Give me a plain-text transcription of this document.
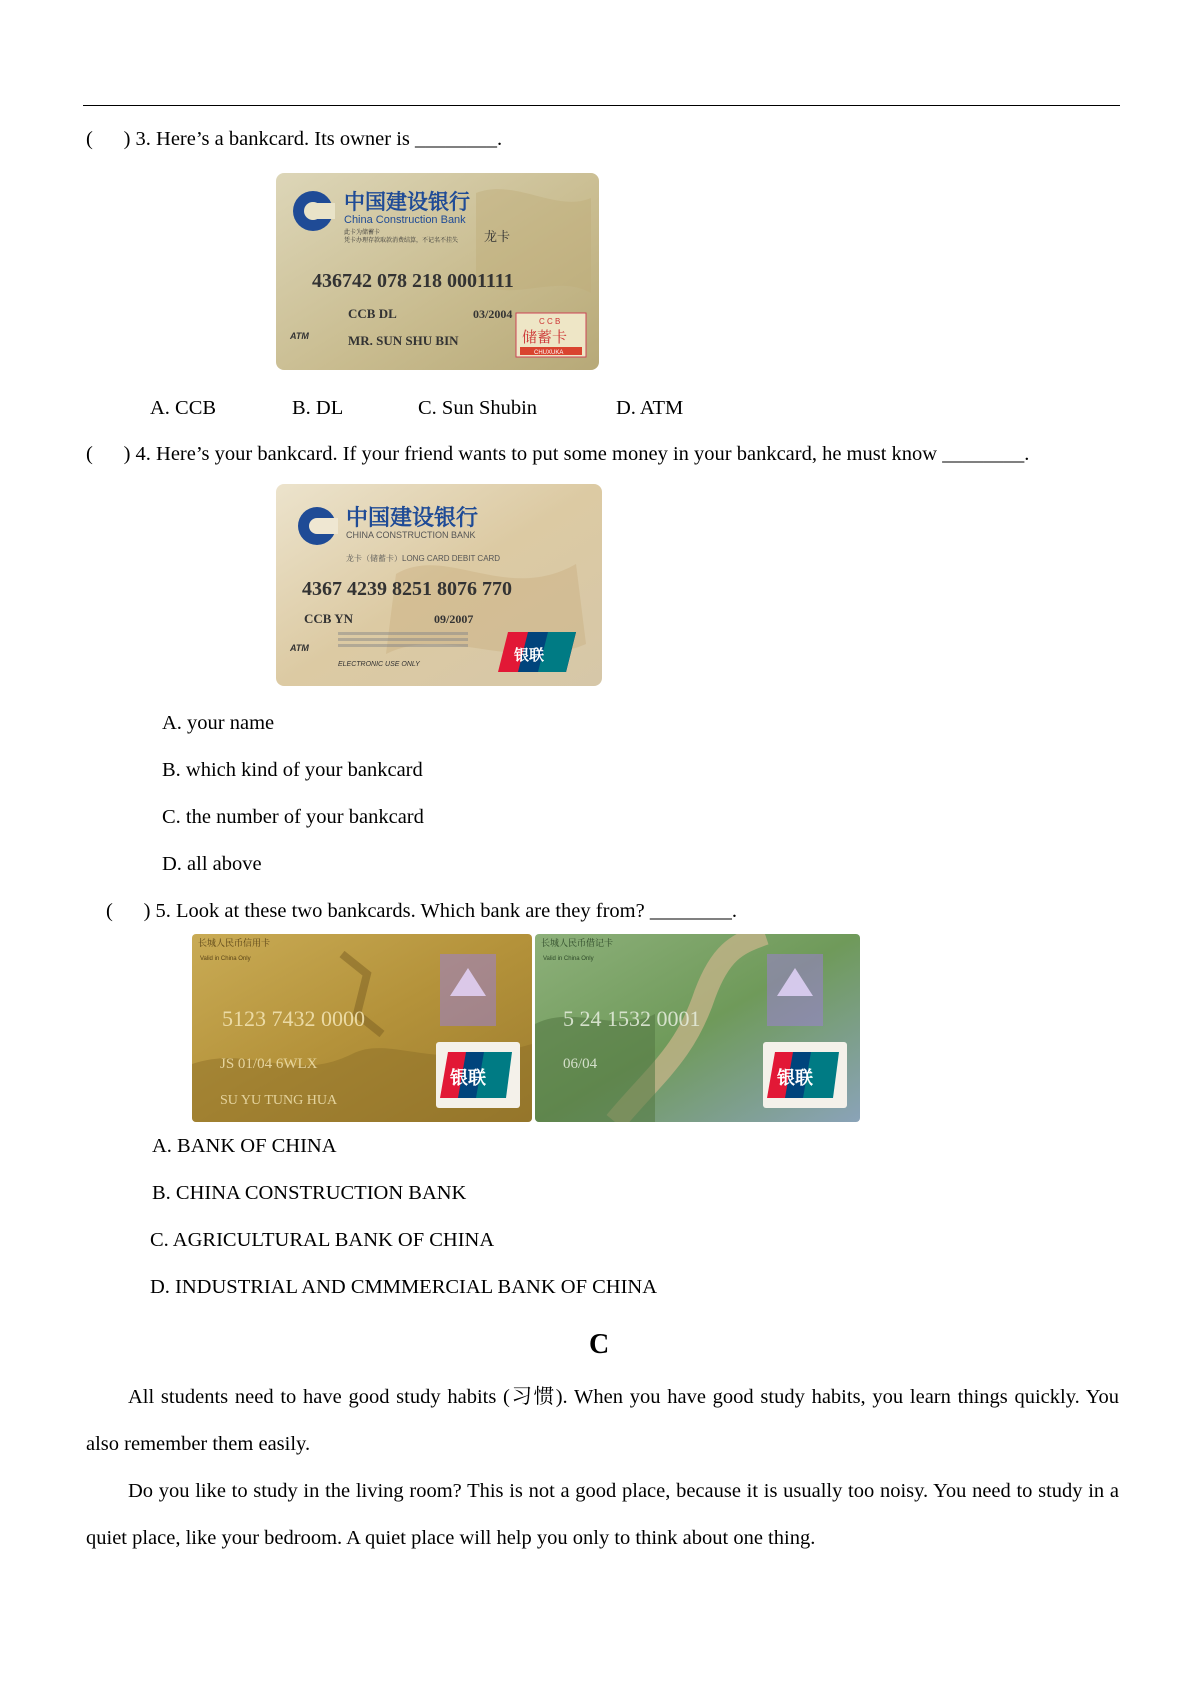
(      ) 3. Here’s a bankcard. Its owner is ________.
中国建设银行
China Construction Bank
此卡为储蓄卡
凭卡办理存款取款消费结算，不记名不挂失 龙卡
436742 078 218 0001111
CCB DL	03/2004
MR. SUN SHU BIN
ATM
C C B
储蓄卡
CHUXUKA
A. CCB	B. DL	C. Sun Shubin	D. ATM
(      ) 4. Here’s your bankcard. If your friend wants to put some money in your bankcard, he must know ________.
中国建设银行
CHINA CONSTRUCTION BANK
龙卡（储蓄卡）LONG CARD DEBIT CARD
4367 4239 8251 8076 770
CCB YN	09/2007
ATM
ELECTRONIC USE ONLY
银联
A. your name
B. which kind of your bankcard
C. the number of your bankcard
D. all above
(      ) 5. Look at these two bankcards. Which bank are they from? ________.
长城人民币信用卡
Valid in China Only
5123 7432 0000
JS 01/04 6WLX
SU YU TUNG HUA
银联
长城人民币借记卡
Valid in China Only
5 24 1532 0001
06/04
银联
A. BANK OF CHINA
B. CHINA CONSTRUCTION BANK
C. AGRICULTURAL BANK OF CHINA
D. INDUSTRIAL AND CMMMERCIAL BANK OF CHINA
C

All students need to have good study habits (习惯). When you have good study habits, you learn things quickly. You also remember them easily.

Do you like to study in the living room? This is not a good place, because it is usually too noisy. You need to study in a quiet place, like your bedroom. A quiet place will help you only to think about one thing.
